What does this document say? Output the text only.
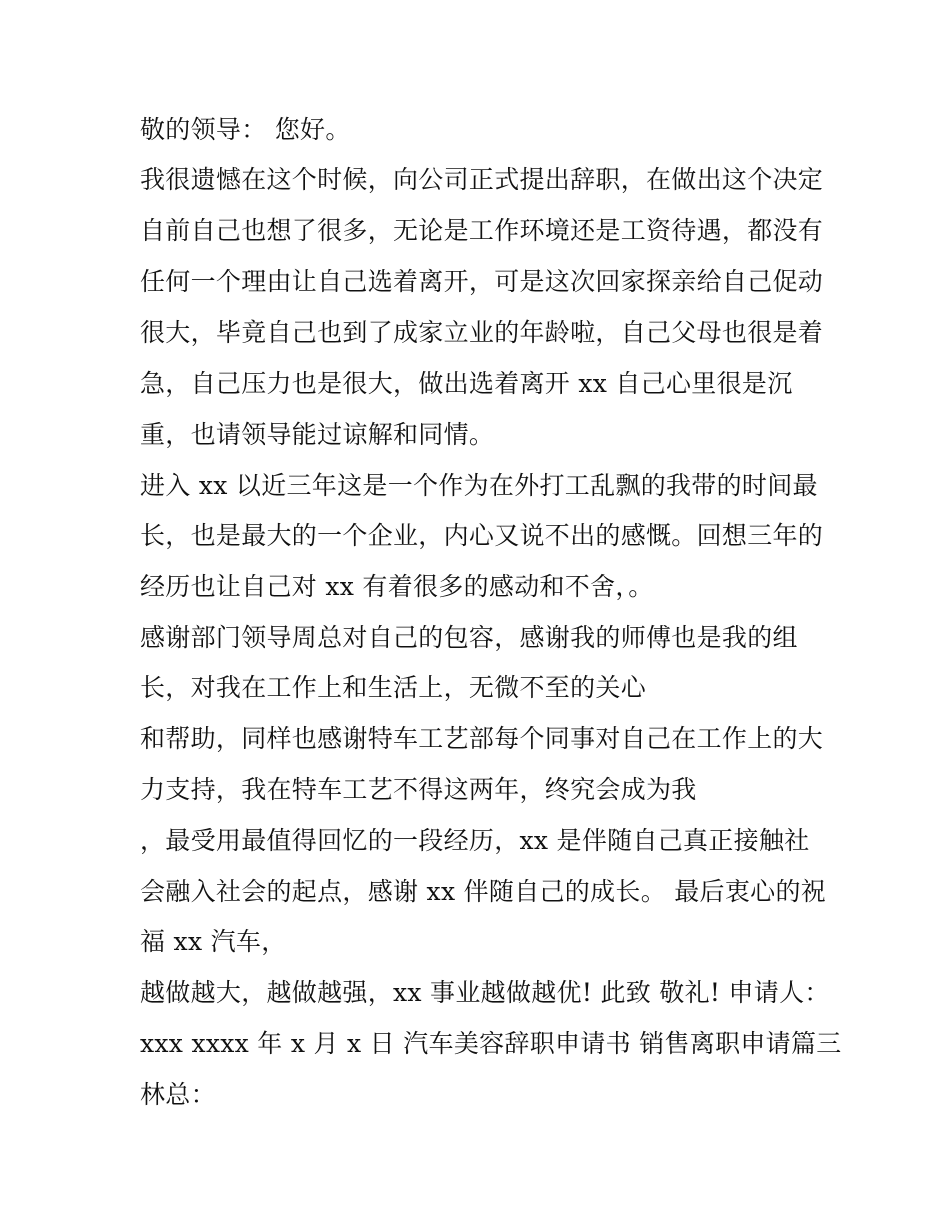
敬的领导： 您好。
我很遗憾在这个时候，向公司正式提出辞职，在做出这个决定
自前自己也想了很多，无论是工作环境还是工资待遇，都没有
任何一个理由让自己选着离开，可是这次回家探亲给自己促动
很大，毕竟自己也到了成家立业的年龄啦，自己父母也很是着
急，自己压力也是很大，做出选着离开 xx 自己心里很是沉
重，也请领导能过谅解和同情。
进入 xx 以近三年这是一个作为在外打工乱飘的我带的时间最
长，也是最大的一个企业，内心又说不出的感慨。回想三年的
经历也让自己对 xx 有着很多的感动和不舍，。
感谢部门领导周总对自己的包容，感谢我的师傅也是我的组
长，对我在工作上和生活上，无微不至的关心
和帮助，同样也感谢特车工艺部每个同事对自己在工作上的大
力支持，我在特车工艺不得这两年，终究会成为我
，最受用最值得回忆的一段经历，xx 是伴随自己真正接触社
会融入社会的起点，感谢 xx 伴随自己的成长。 最后衷心的祝
福 xx 汽车，
越做越大，越做越强，xx 事业越做越优! 此致 敬礼! 申请人：
xxx xxxx 年 x 月 x 日 汽车美容辞职申请书 销售离职申请篇三
林总：
